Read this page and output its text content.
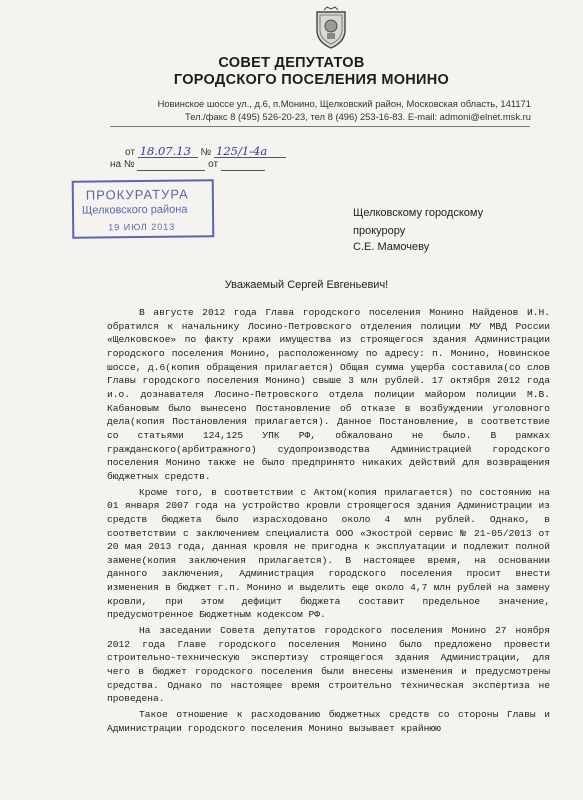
СОВЕТ ДЕПУТАТОВ
ГОРОДСКОГО ПОСЕЛЕНИЯ МОНИНО
Новинское шоссе ул., д.6, п.Монино, Щелковский район, Московская область, 141171
Тел./факс 8 (495) 526-20-23, тел 8 (496) 253-16-83. E-mail: admoni@elnet.msk.ru
от 18.07.13 № 125/1-4а
на №	от
ПРОКУРАТУРА
Щелковского района
19 ИЮЛ 2013
Щелковскому городскому
прокурору
С.Е. Мамочеву
Уважаемый Сергей Евгеньевич!

В августе 2012 года Глава городского поселения Монино Найденов И.Н. обратился к начальнику Лосино-Петровского отделения полиции МУ МВД России «Щелковское» по факту кражи имущества из строящегося здания Администрации городского поселения Монино, расположенному по адресу: п. Монино, Новинское шоссе, д.6(копия обращения прилагается) Общая сумма ущерба составила(со слов Главы городского поселения Монино) свыше 3 млн рублей. 17 октября 2012 года и.о. дознавателя Лосино-Петровского отдела полиции майором полиции М.В. Кабановым было вынесено Постановление об отказе в возбуждении уголовного дела(копия Постановления прилагается). Данное Постановление, в соответствие со статьями 124,125 УПК РФ, обжаловано не было. В рамках гражданского(арбитражного) судопроизводства Администрацией городского поселения Монино также не было предпринято никаких действий для возвращения бюджетных средств.

Кроме того, в соответствии с Актом(копия прилагается) по состоянию на 01 января 2007 года на устройство кровли строящегося здания Администрации из средств бюджета было израсходовано около 4 млн рублей. Однако, в соответствии с заключением специалиста ООО «Экострой сервис № 21-05/2013 от 20 мая 2013 года, данная кровля не пригодна к эксплуатации и подлежит полной замене(копия заключения прилагается). В настоящее время, на основании данного заключения, Администрация городского поселения просит внести изменения в бюджет г.п. Монино и выделить еще около 4,7 млн рублей на замену кровли, при этом дефицит бюджета составит предельное значение, предусмотренное Бюджетным кодексом РФ.

На заседании Совета депутатов городского поселения Монино 27 ноября 2012 года Главе городского поселения Монино было предложено провести строительно-техническую экспертизу строящегося здания Администрации, для чего в бюджет городского поселения были внесены изменения и предусмотрены средства. Однако по настоящее время строительно техническая экспертиза не проведена.

Такое отношение к расходованию бюджетных средств со стороны Главы и Администрации городского поселения Монино вызывает крайнюю
